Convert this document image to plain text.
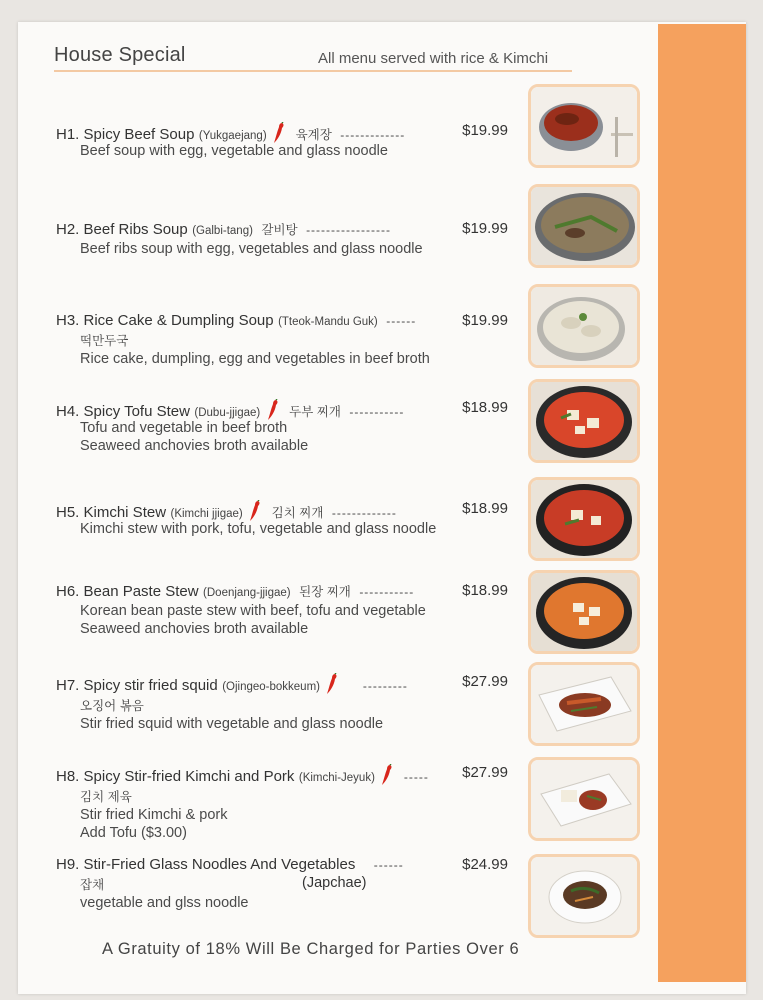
House Special	All menu served with rice & Kimchi
H1. Spicy Beef Soup (Yukgaejang) 육계장 -------------	$19.99
Beef soup with egg, vegetable and glass noodle
H2. Beef Ribs Soup (Galbi-tang) 갈비탕 -----------------	$19.99
Beef ribs soup with egg, vegetables and glass noodle
H3. Rice Cake & Dumpling Soup (Tteok-Mandu Guk) ------	$19.99
떡만두국
Rice cake, dumpling, egg and vegetables in beef broth
H4. Spicy Tofu Stew (Dubu-jjigae) 두부 찌개 -----------	$18.99
Tofu and vegetable in beef broth
Seaweed anchovies broth available
H5. Kimchi Stew (Kimchi jjigae) 김치 찌개 -------------	$18.99
Kimchi stew with pork, tofu, vegetable and glass noodle
H6. Bean Paste Stew (Doenjang-jjigae) 된장 찌개 -----------	$18.99
Korean bean paste stew with beef, tofu and vegetable
Seaweed anchovies broth available
H7. Spicy stir fried squid (Ojingeo-bokkeum)	---------	$27.99
오징어 볶음
Stir fried squid with vegetable and glass noodle
H8. Spicy Stir-fried Kimchi and Pork (Kimchi-Jeyuk) ----- $27.99
김치 제육
Stir fried Kimchi & pork
Add Tofu ($3.00)
H9. Stir-Fried Glass Noodles And Vegetables ------	$24.99
잡채	(Japchae)
vegetable and glss noodle
A Gratuity of 18% Will Be Charged for Parties Over 6
